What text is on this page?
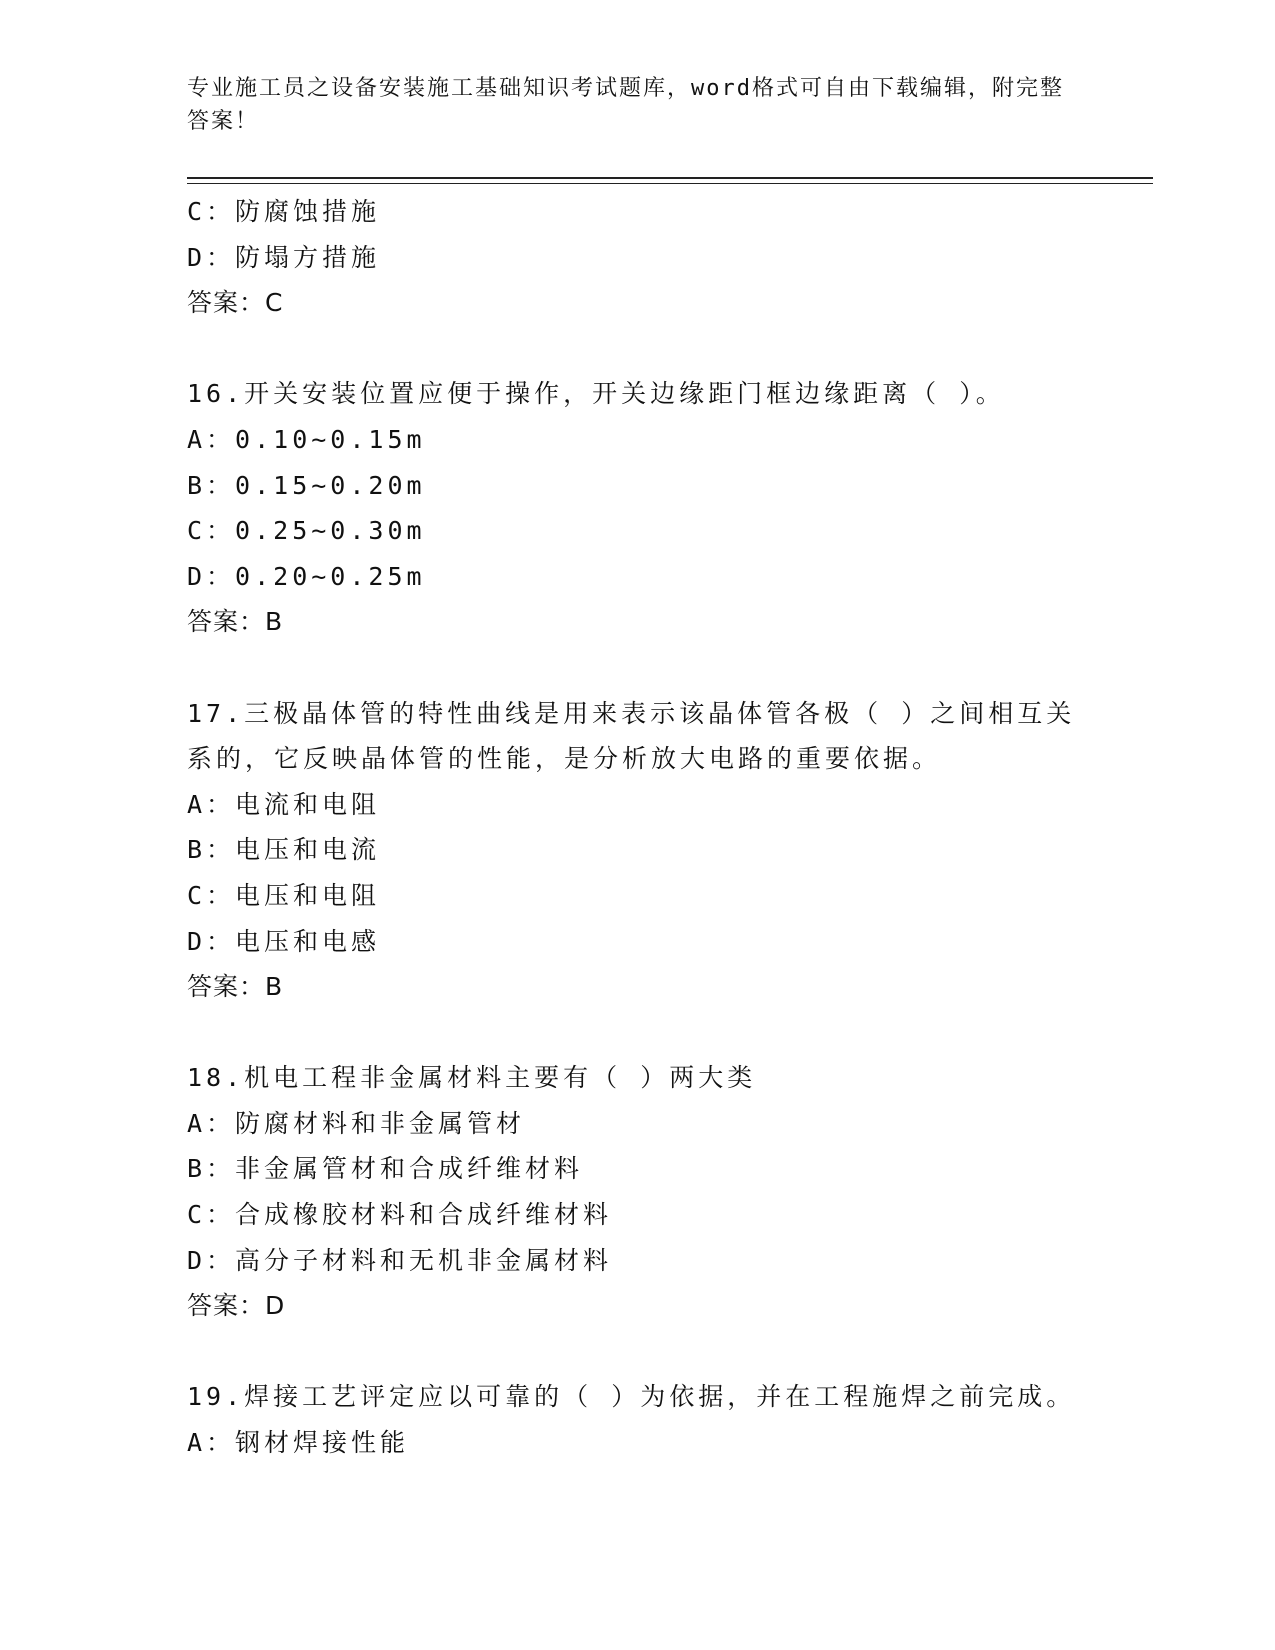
专业施工员之设备安装施工基础知识考试题库，word格式可自由下载编辑，附完整答案！
C：防腐蚀措施
D：防塌方措施
答案：C
16.开关安装位置应便于操作，开关边缘距门框边缘距离（ ）。
A：0.10~0.15m
B：0.15~0.20m
C：0.25~0.30m
D：0.20~0.25m
答案：B
17.三极晶体管的特性曲线是用来表示该晶体管各极（ ）之间相互关
系的，它反映晶体管的性能，是分析放大电路的重要依据。
A：电流和电阻
B：电压和电流
C：电压和电阻
D：电压和电感
答案：B
18.机电工程非金属材料主要有（ ）两大类
A：防腐材料和非金属管材
B：非金属管材和合成纤维材料
C：合成橡胶材料和合成纤维材料
D：高分子材料和无机非金属材料
答案：D
19.焊接工艺评定应以可靠的（ ）为依据，并在工程施焊之前完成。
A：钢材焊接性能
